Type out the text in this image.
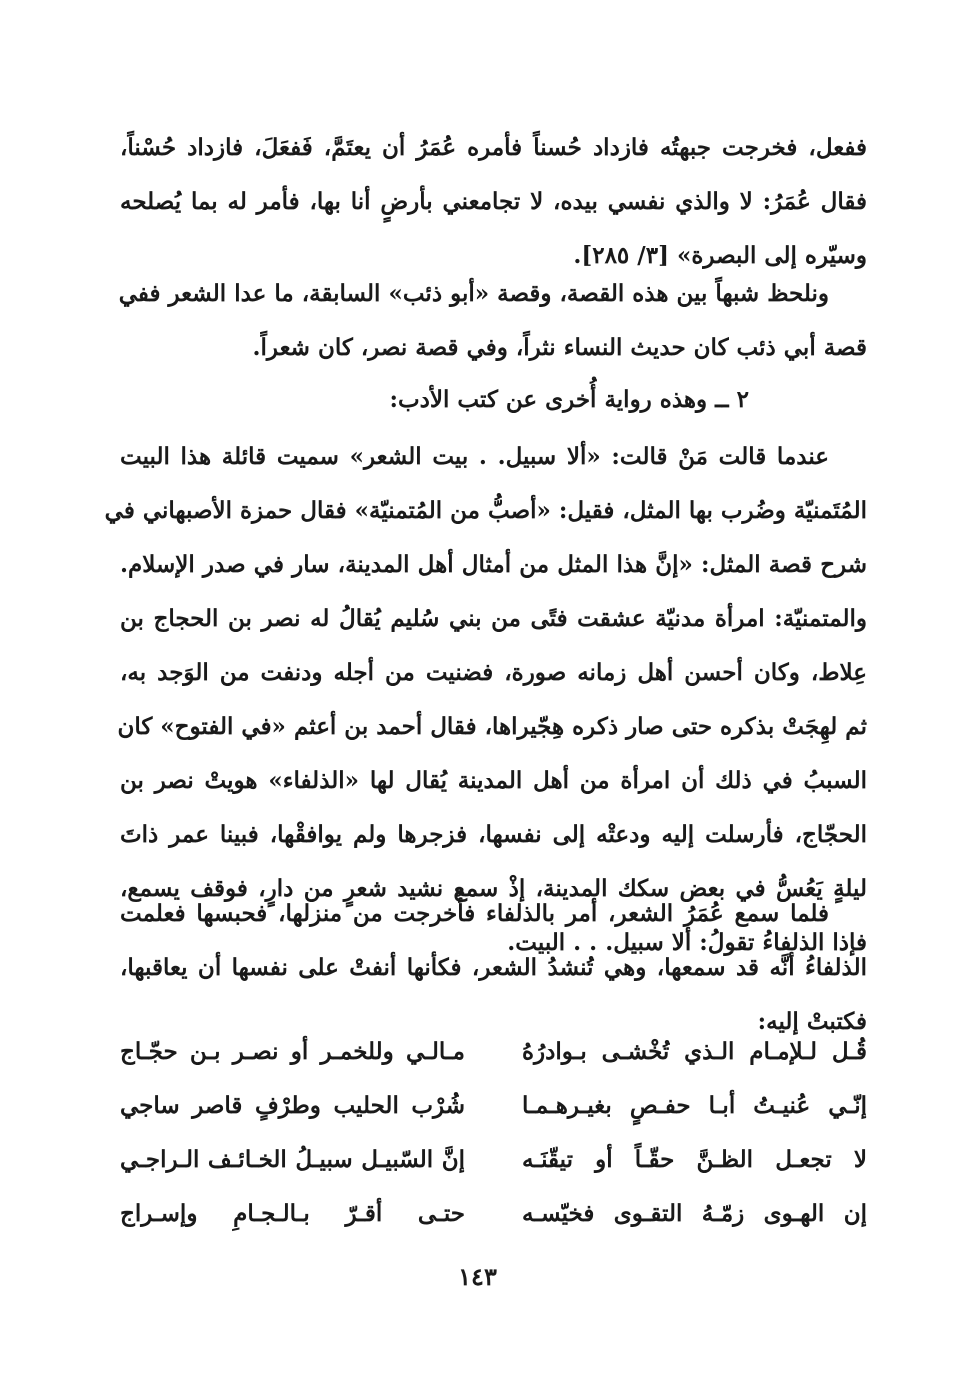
ففعل، فخرجت جبهتُه فازداد حُسناً فأمره عُمَرُ أن يعتَمَّ، فَفعَلَ، فازداد حُسْناً،
فقال عُمَرُ: لا والذي نفسي بيده، لا تجامعني بأرضٍ أنا بها، فأمر له بما يُصلحه
وسيّره إلى البصرة» [٣/ ٢٨٥].
ونلحظ شبهاً بين هذه القصة، وقصة «أبو ذئب» السابقة، ما عدا الشعر ففي
قصة أبي ذئب كان حديث النساء نثراً، وفي قصة نصر، كان شعراً.
٢ ــ وهذه رواية أُخرى عن كتب الأدب:
عندما قالت مَنْ قالت: «ألا سبيل. . بيت الشعر» سميت قائلة هذا البيت
المُتَمنيّة وضُرب بها المثل، فقيل: «أصبُّ من المُتمنيّة» فقال حمزة الأصبهاني في
شرح قصة المثل: «إنَّ هذا المثل من أمثال أهل المدينة، سار في صدر الإسلام.
والمتمنيّة: امرأة مدنيّة عشقت فتًى من بني سُليم يُقالُ له نصر بن الحجاج بن
عِلاط، وكان أحسن أهل زمانه صورة، فضنيت من أجله ودنفت من الوَجد به،
ثم لهِجَتْ بذكره حتى صار ذكره هِجّيراها، فقال أحمد بن أعثم «في الفتوح» كان
السببُ في ذلك أن امرأة من أهل المدينة يُقال لها «الذلفاء» هويتْ نصر بن
الحجّاج، فأرسلت إليه ودعتْه إلى نفسها، فزجرها ولم يوافقْها، فبينا عمر ذاتَ
ليلةٍ يَعُسُّ في بعض سكك المدينة، إذْ سمع نشيد شعرٍ من دارٍ، فوقف يسمع،
فإذا الذلفاءُ تقولُ: ألا سبيل. . . البيت.
فلما سمع عُمَرُ الشعر، أمر بالذلفاء فأُخرجت من منزلها، فحبسها فعلمت
الذلفاءُ أنَّه قد سمعها، وهي تُنشدُ الشعر، فكأنها أنفتْ على نفسها أن يعاقبها،
فكتبتْ إليه:
قُـل لـلإمـام الـذي تُخْشـى بـوادرُهُ
مـالـي وللخمـر أو نصـر بـن حجّـاج
إنّـي عُنيـتُ أبـا حفـصٍ بغيـرهـمـا
شُرْب الحليب وطرْفٍ قاصر ساجي
لا تجعـل الظـنَّ حقّـاً أو تيقّنَـه
إنَّ السّبيـل سبيـلُ الخـائـف الـراجـي
إن الهـوى زمّـهُ التقـوى فخيّسـه
حتـى أقـرّ بـالـجـامِ وإسـراج
١٤٣
